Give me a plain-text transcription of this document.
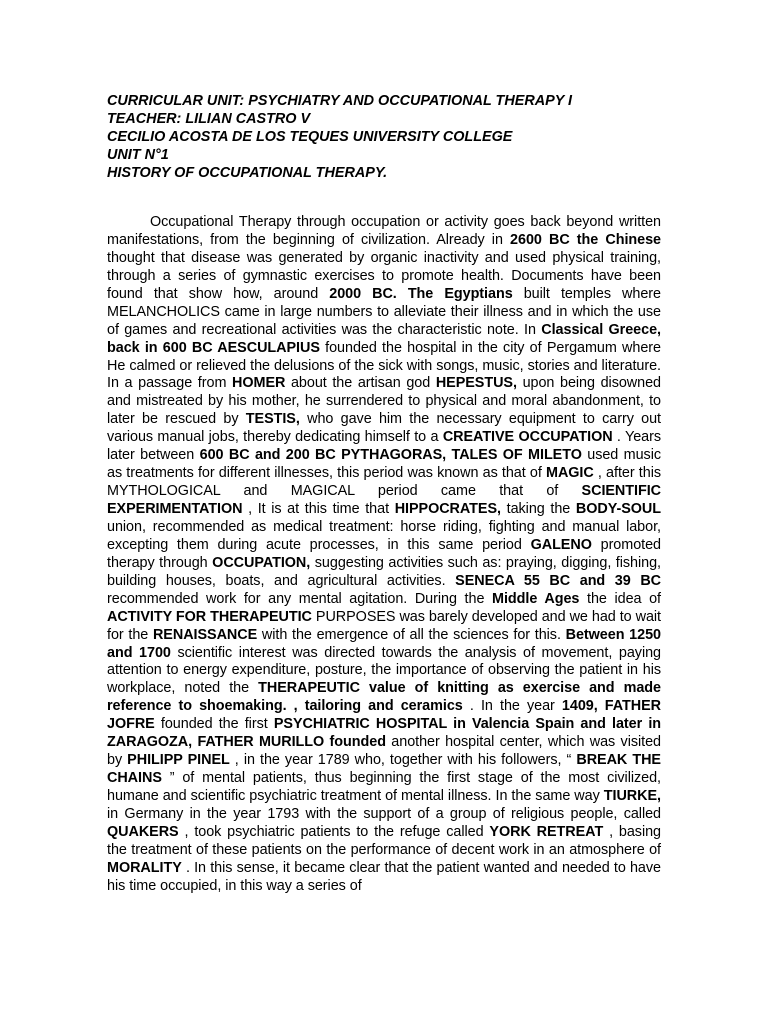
CURRICULAR UNIT: PSYCHIATRY AND OCCUPATIONAL THERAPY I
TEACHER: LILIAN CASTRO V
CECILIO ACOSTA DE LOS TEQUES UNIVERSITY COLLEGE
UNIT N°1
HISTORY OF OCCUPATIONAL THERAPY.

Occupational Therapy through occupation or activity goes back beyond written manifestations, from the beginning of civilization. Already in 2600 BC the Chinese thought that disease was generated by organic inactivity and used physical training, through a series of gymnastic exercises to promote health. Documents have been found that show how, around 2000 BC. The Egyptians built temples where MELANCHOLICS came in large numbers to alleviate their illness and in which the use of games and recreational activities was the characteristic note. In Classical Greece, back in 600 BC AESCULAPIUS founded the hospital in the city of Pergamum where He calmed or relieved the delusions of the sick with songs, music, stories and literature. In a passage from HOMER about the artisan god HEPESTUS, upon being disowned and mistreated by his mother, he surrendered to physical and moral abandonment, to later be rescued by TESTIS, who gave him the necessary equipment to carry out various manual jobs, thereby dedicating himself to a CREATIVE OCCUPATION . Years later between 600 BC and 200 BC PYTHAGORAS, TALES OF MILETO used music as treatments for different illnesses, this period was known as that of MAGIC , after this MYTHOLOGICAL and MAGICAL period came that of SCIENTIFIC EXPERIMENTATION , It is at this time that HIPPOCRATES, taking the BODY-SOUL union, recommended as medical treatment: horse riding, fighting and manual labor, excepting them during acute processes, in this same period GALENO promoted therapy through OCCUPATION, suggesting activities such as: praying, digging, fishing, building houses, boats, and agricultural activities. SENECA 55 BC and 39 BC recommended work for any mental agitation. During the Middle Ages the idea of ACTIVITY FOR THERAPEUTIC PURPOSES was barely developed and we had to wait for the RENAISSANCE with the emergence of all the sciences for this. Between 1250 and 1700 scientific interest was directed towards the analysis of movement, paying attention to energy expenditure, posture, the importance of observing the patient in his workplace, noted the THERAPEUTIC value of knitting as exercise and made reference to shoemaking. , tailoring and ceramics . In the year 1409, FATHER JOFRE founded the first PSYCHIATRIC HOSPITAL in Valencia Spain and later in ZARAGOZA, FATHER MURILLO founded another hospital center, which was visited by PHILIPP PINEL , in the year 1789 who, together with his followers, “ BREAK THE CHAINS ” of mental patients, thus beginning the first stage of the most civilized, humane and scientific psychiatric treatment of mental illness. In the same way TIURKE, in Germany in the year 1793 with the support of a group of religious people, called QUAKERS , took psychiatric patients to the refuge called YORK RETREAT , basing the treatment of these patients on the performance of decent work in an atmosphere of MORALITY . In this sense, it became clear that the patient wanted and needed to have his time occupied, in this way a series of
